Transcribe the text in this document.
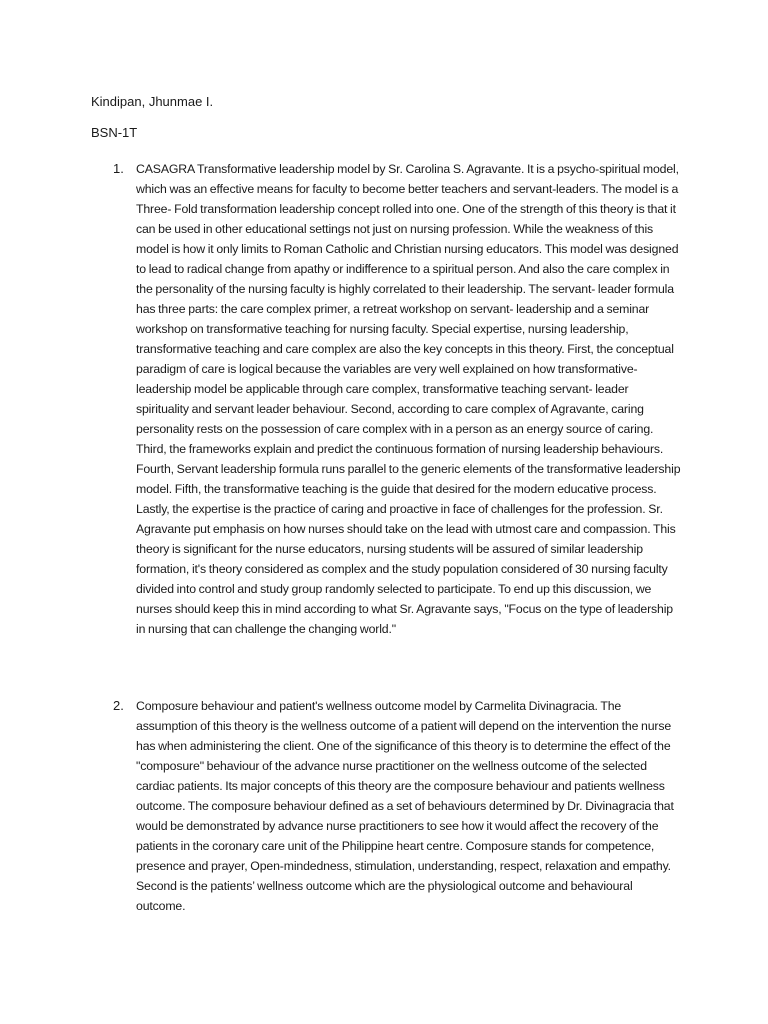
Kindipan, Jhunmae I.
BSN-1T
1. CASAGRA Transformative leadership model by Sr. Carolina S. Agravante. It is a psycho-spiritual model, which was an effective means for faculty to become better teachers and servant-leaders. The model is a Three- Fold transformation leadership concept rolled into one. One of the strength of this theory is that it can be used in other educational settings not just on nursing profession. While the weakness of this model is how it only limits to Roman Catholic and Christian nursing educators. This model was designed to lead to radical change from apathy or indifference to a spiritual person. And also the care complex in the personality of the nursing faculty is highly correlated to their leadership. The servant- leader formula has three parts: the care complex primer, a retreat workshop on servant- leadership and a seminar workshop on transformative teaching for nursing faculty. Special expertise, nursing leadership, transformative teaching and care complex are also the key concepts in this theory. First, the conceptual paradigm of care is logical because the variables are very well explained on how transformative-leadership model be applicable through care complex, transformative teaching servant- leader spirituality and servant leader behaviour. Second, according to care complex of Agravante, caring personality rests on the possession of care complex with in a person as an energy source of caring. Third, the frameworks explain and predict the continuous formation of nursing leadership behaviours. Fourth, Servant leadership formula runs parallel to the generic elements of the transformative leadership model. Fifth, the transformative teaching is the guide that desired for the modern educative process. Lastly, the expertise is the practice of caring and proactive in face of challenges for the profession. Sr. Agravante put emphasis on how nurses should take on the lead with utmost care and compassion. This theory is significant for the nurse educators, nursing students will be assured of similar leadership formation, it's theory considered as complex and the study population considered of 30 nursing faculty divided into control and study group randomly selected to participate. To end up this discussion, we nurses should keep this in mind according to what Sr. Agravante says, "Focus on the type of leadership in nursing that can challenge the changing world."

2. Composure behaviour and patient's wellness outcome model by Carmelita Divinagracia. The assumption of this theory is the wellness outcome of a patient will depend on the intervention the nurse has when administering the client. One of the significance of this theory is to determine the effect of the "composure" behaviour of the advance nurse practitioner on the wellness outcome of the selected cardiac patients. Its major concepts of this theory are the composure behaviour and patients wellness outcome. The composure behaviour defined as a set of behaviours determined by Dr. Divinagracia that would be demonstrated by advance nurse practitioners to see how it would affect the recovery of the patients in the coronary care unit of the Philippine heart centre. Composure stands for competence, presence and prayer, Open-mindedness, stimulation, understanding, respect, relaxation and empathy. Second is the patients’ wellness outcome which are the physiological outcome and behavioural outcome.
